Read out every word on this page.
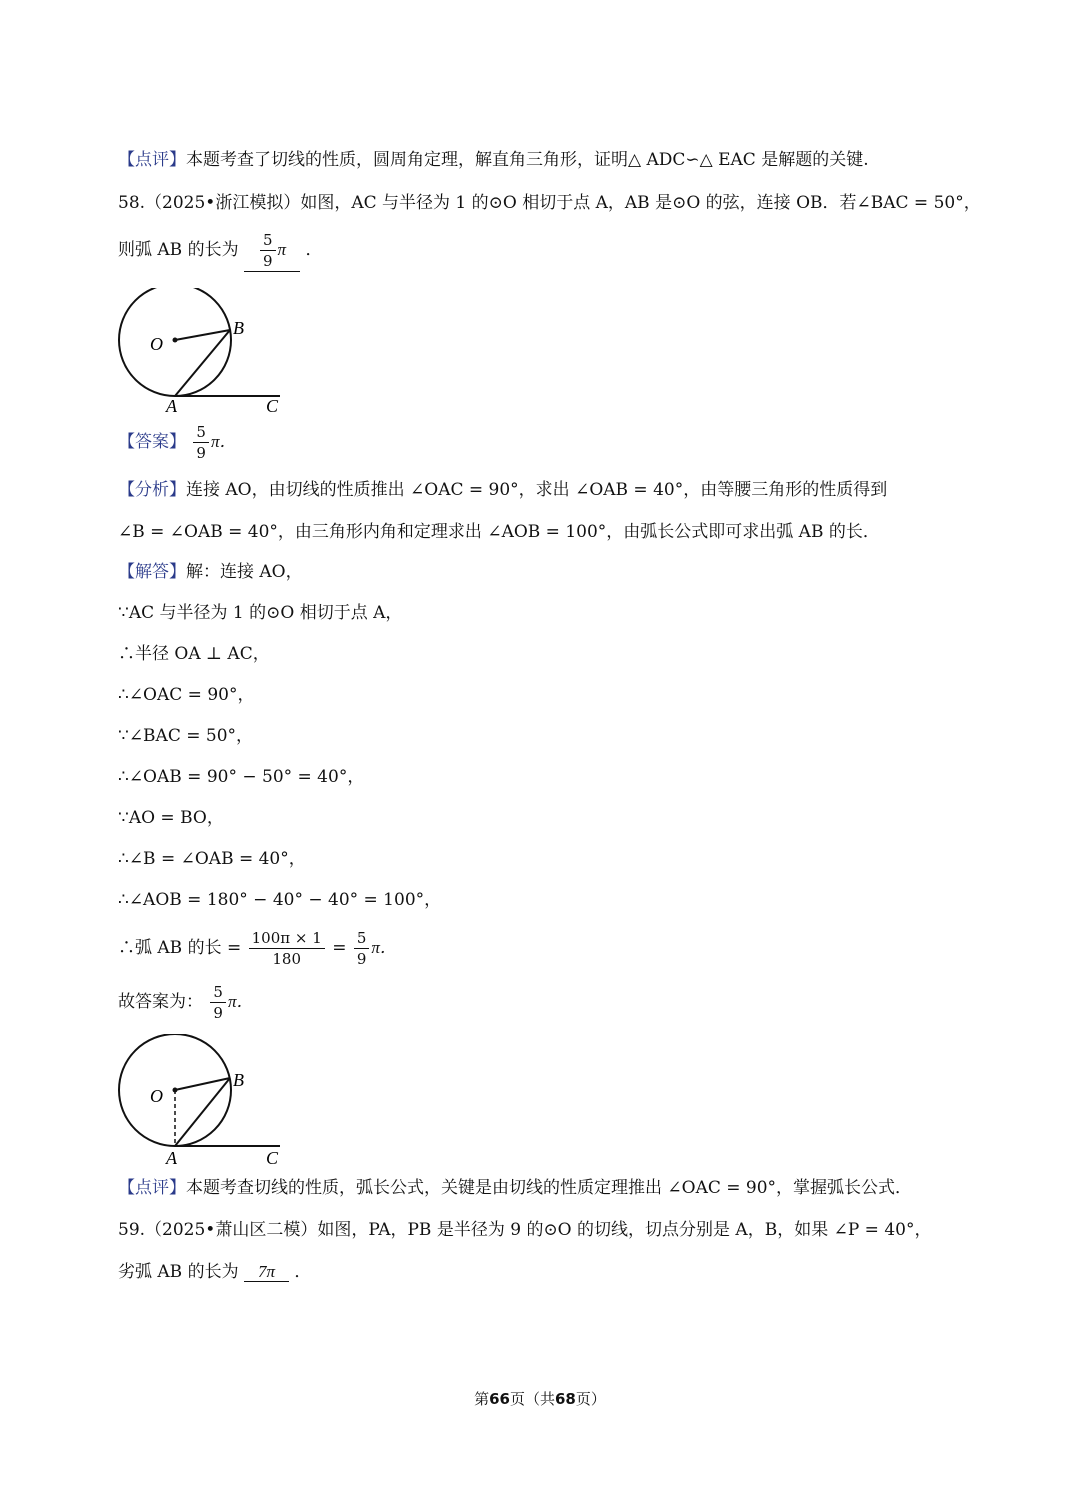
【点评】本题考查了切线的性质，圆周角定理，解直角三角形，证明△ ADC∽△ EAC 是解题的关键.
58.（2025•浙江模拟）如图，AC 与半径为 1 的⊙O 相切于点 A，AB 是⊙O 的弦，连接 OB．若∠BAC = 50°，
则弧 AB 的长为 $\frac{5}{9}$ π ．
O
B
A	C
【答案】 $\frac{5}{9}$ π．
【分析】连接 AO，由切线的性质推出 ∠OAC = 90°，求出 ∠OAB = 40°，由等腰三角形的性质得到
∠B = ∠OAB = 40°，由三角形内角和定理求出 ∠AOB = 100°，由弧长公式即可求出弧 AB 的长．
【解答】解：连接 AO，
∵AC 与半径为 1 的⊙O 相切于点 A，
∴半径 OA ⊥ AC，
∴∠OAC = 90°，
∵∠BAC = 50°，
∴∠OAB = 90° − 50° = 40°，
∵AO = BO，
∴∠B = ∠OAB = 40°，
∴∠AOB = 180° − 40° − 40° = 100°，
∴弧 AB 的长 = $\frac{100\pi \times 1}{180} = \frac{5}{9}$ π．
故答案为： $\frac{5}{9}$ π．
O
B
A	C
【点评】本题考查切线的性质，弧长公式，关键是由切线的性质定理推出 ∠OAC = 90°，掌握弧长公式．
59.（2025•萧山区二模）如图，PA，PB 是半径为 9 的⊙O 的切线，切点分别是 A，B，如果 ∠P = 40°，
劣弧 AB 的长为 7π ．
第66页（共68页）
